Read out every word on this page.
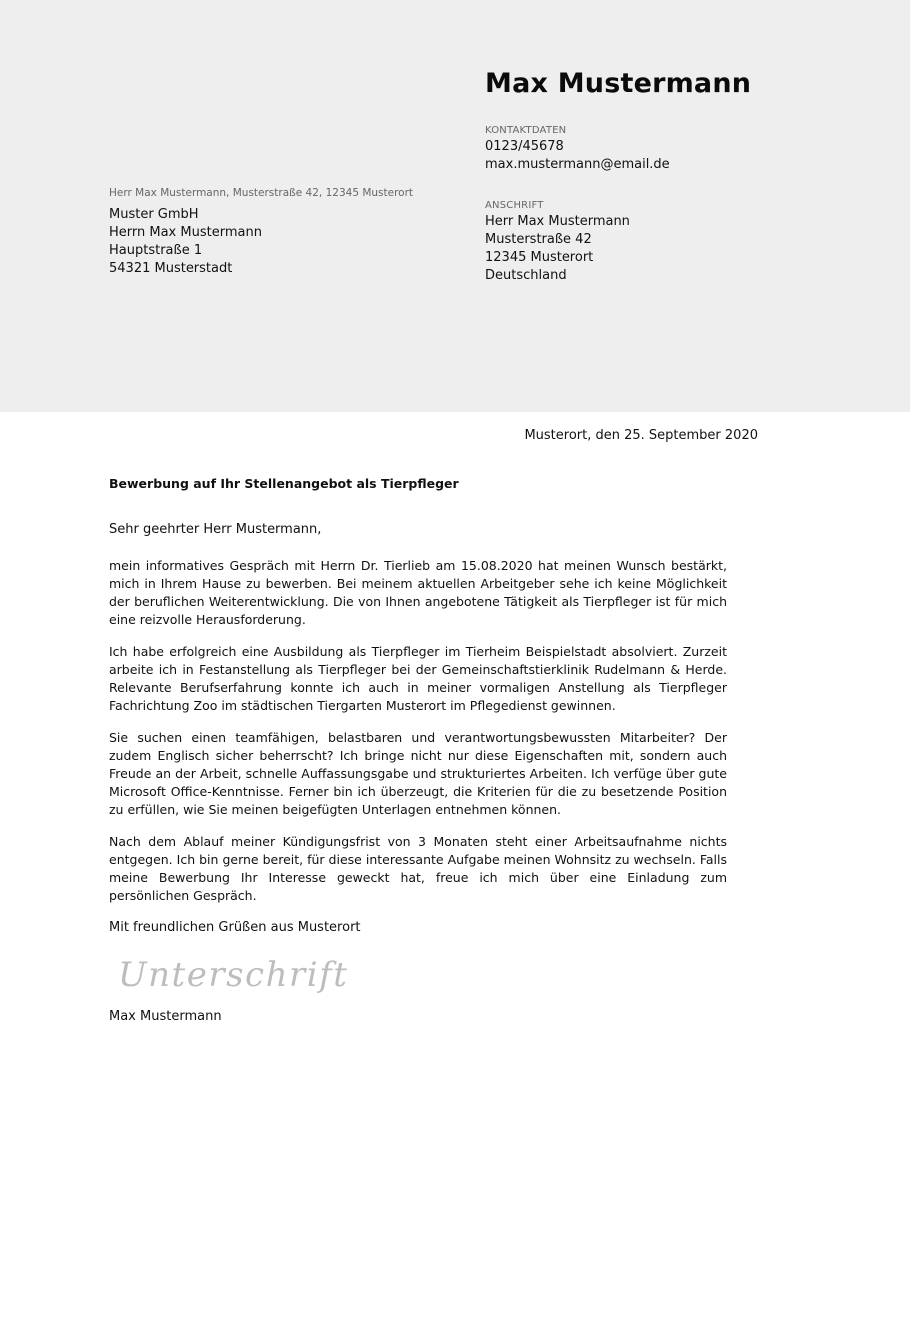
Max Mustermann
KONTAKTDATEN
0123/45678
max.mustermann@email.de
ANSCHRIFT
Herr Max Mustermann
Musterstraße 42
12345 Musterort
Deutschland
Herr Max Mustermann, Musterstraße 42, 12345 Musterort
Muster GmbH
Herrn Max Mustermann
Hauptstraße 1
54321 Musterstadt
Musterort, den 25. September 2020
Bewerbung auf Ihr Stellenangebot als Tierpfleger
Sehr geehrter Herr Mustermann,

mein informatives Gespräch mit Herrn Dr. Tierlieb am 15.08.2020 hat meinen Wunsch bestärkt, mich in Ihrem Hause zu bewerben. Bei meinem aktuellen Arbeitgeber sehe ich keine Möglichkeit der beruflichen Weiterentwicklung. Die von Ihnen angebotene Tätigkeit als Tierpfleger ist für mich eine reizvolle Herausforderung.

Ich habe erfolgreich eine Ausbildung als Tierpfleger im Tierheim Beispielstadt absolviert. Zurzeit arbeite ich in Festanstellung als Tierpfleger bei der Gemeinschaftstierklinik Rudelmann & Herde. Relevante Berufserfahrung konnte ich auch in meiner vormaligen Anstellung als Tierpfleger Fachrichtung Zoo im städtischen Tiergarten Musterort im Pflegedienst gewinnen.

Sie suchen einen teamfähigen, belastbaren und verantwortungsbewussten Mitarbeiter? Der zudem Englisch sicher beherrscht? Ich bringe nicht nur diese Eigenschaften mit, sondern auch Freude an der Arbeit, schnelle Auffassungsgabe und strukturiertes Arbeiten. Ich verfüge über gute Microsoft Office-Kenntnisse. Ferner bin ich überzeugt, die Kriterien für die zu besetzende Position zu erfüllen, wie Sie meinen beigefügten Unterlagen entnehmen können.

Nach dem Ablauf meiner Kündigungsfrist von 3 Monaten steht einer Arbeitsaufnahme nichts entgegen. Ich bin gerne bereit, für diese interessante Aufgabe meinen Wohnsitz zu wechseln. Falls meine Bewerbung Ihr Interesse geweckt hat, freue ich mich über eine Einladung zum persönlichen Gespräch.

Mit freundlichen Grüßen aus Musterort
Unterschrift
Max Mustermann
